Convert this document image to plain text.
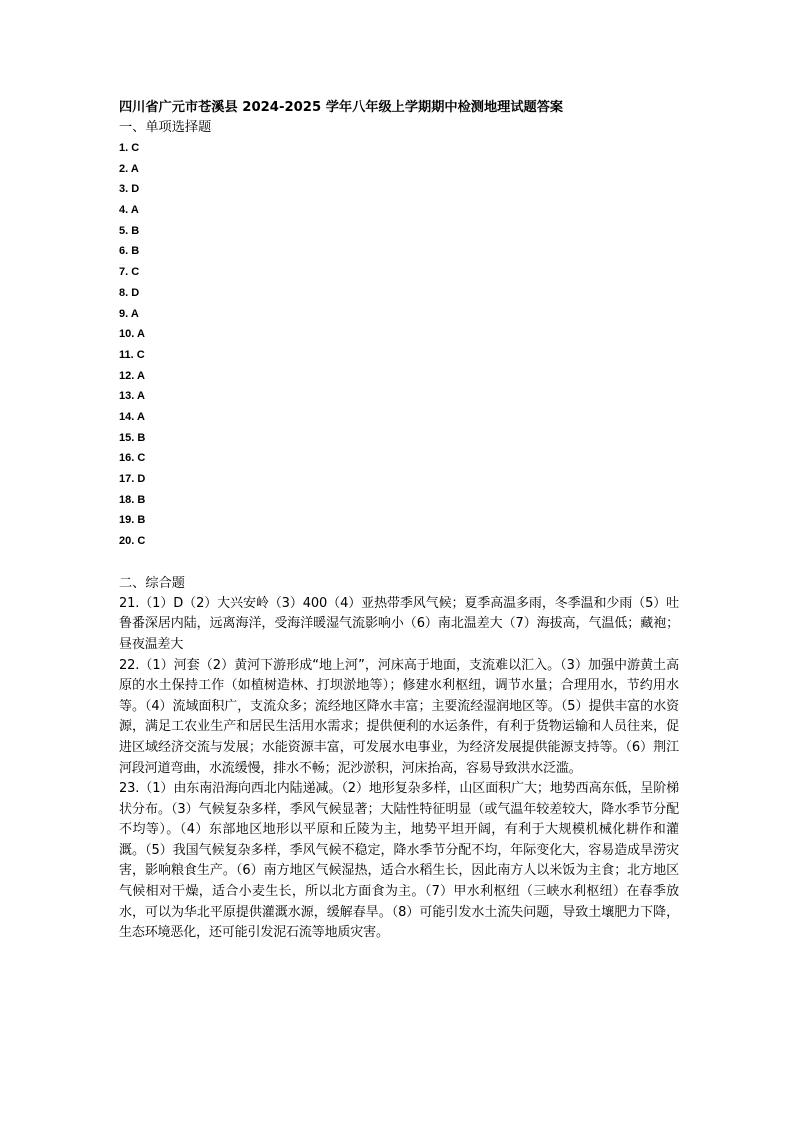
四川省广元市苍溪县 2024-2025 学年八年级上学期期中检测地理试题答案
一、单项选择题
1. C
2. A
3. D
4. A
5. B
6. B
7. C
8. D
9. A
10. A
11. C
12. A
13. A
14. A
15. B
16. C
17. D
18. B
19. B
20. C
二、综合题

21.（1）D（2）大兴安岭（3）400（4）亚热带季风气候；夏季高温多雨，冬季温和少雨（5）吐鲁番深居内陆，远离海洋，受海洋暖湿气流影响小（6）南北温差大（7）海拔高，气温低；藏袍；昼夜温差大

22.（1）河套（2）黄河下游形成“地上河”，河床高于地面，支流难以汇入。（3）加强中游黄土高原的水土保持工作（如植树造林、打坝淤地等）；修建水利枢纽，调节水量；合理用水，节约用水等。（4）流域面积广，支流众多；流经地区降水丰富；主要流经湿润地区等。（5）提供丰富的水资源，满足工农业生产和居民生活用水需求；提供便利的水运条件，有利于货物运输和人员往来，促进区域经济交流与发展；水能资源丰富，可发展水电事业，为经济发展提供能源支持等。（6）荆江河段河道弯曲，水流缓慢，排水不畅；泥沙淤积，河床抬高，容易导致洪水泛滥。

23.（1）由东南沿海向西北内陆递减。（2）地形复杂多样，山区面积广大；地势西高东低，呈阶梯状分布。（3）气候复杂多样，季风气候显著；大陆性特征明显（或气温年较差较大，降水季节分配不均等）。（4）东部地区地形以平原和丘陵为主，地势平坦开阔，有利于大规模机械化耕作和灌溉。（5）我国气候复杂多样，季风气候不稳定，降水季节分配不均，年际变化大，容易造成旱涝灾害，影响粮食生产。（6）南方地区气候湿热，适合水稻生长，因此南方人以米饭为主食；北方地区气候相对干燥，适合小麦生长，所以北方面食为主。（7）甲水利枢纽（三峡水利枢纽）在春季放水，可以为华北平原提供灌溉水源，缓解春旱。（8）可能引发水土流失问题，导致土壤肥力下降，生态环境恶化，还可能引发泥石流等地质灾害。
